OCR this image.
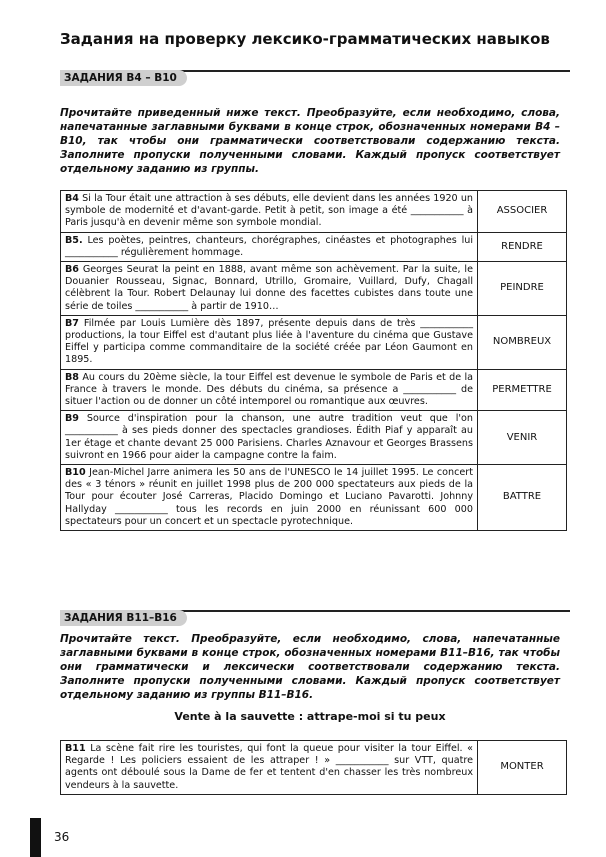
Задания на проверку лексико-грамматических навыков
ЗАДАНИЯ B4 – B10
Прочитайте приведенный ниже текст. Преобразуйте, если необходимо, слова, напечатанные заглавными буквами в конце строк, обозначенных номерами B4 – B10, так чтобы они грамматически соответствовали содержанию текста. Заполните пропуски полученными словами. Каждый пропуск соответствует отдельному заданию из группы.
B4 Si la Tour était une attraction à ses débuts, elle devient dans les années 1920 un symbole de modernité et d'avant-garde. Petit à petit, son image a été ___________ à Paris jusqu'à en devenir même son symbole mondial.	ASSOCIER
B5. Les poètes, peintres, chanteurs, chorégraphes, cinéastes et photographes lui ___________ régulièrement hommage.	RENDRE
B6 Georges Seurat la peint en 1888, avant même son achèvement. Par la suite, le Douanier Rousseau, Signac, Bonnard, Utrillo, Gromaire, Vuillard, Dufy, Chagall célèbrent la Tour. Robert Delaunay lui donne des facettes cubistes dans toute une série de toiles ___________ à partir de 1910…	PEINDRE
B7 Filmée par Louis Lumière dès 1897, présente depuis dans de très ___________ productions, la tour Eiffel est d'autant plus liée à l'aventure du cinéma que Gustave Eiffel y participa comme commanditaire de la société créée par Léon Gaumont en 1895.	NOMBREUX
B8 Au cours du 20ème siècle, la tour Eiffel est devenue le symbole de Paris et de la France à travers le monde. Des débuts du cinéma, sa présence a ___________ de situer l'action ou de donner un côté intemporel ou romantique aux œuvres.	PERMETTRE
B9 Source d'inspiration pour la chanson, une autre tradition veut que l'on ___________ à ses pieds donner des spectacles grandioses. Édith Piaf y apparaît au 1er étage et chante devant 25 000 Parisiens. Charles Aznavour et Georges Brassens suivront en 1966 pour aider la campagne contre la faim.	VENIR
B10 Jean-Michel Jarre animera les 50 ans de l'UNESCO le 14 juillet 1995. Le concert des « 3 ténors » réunit en juillet 1998 plus de 200 000 spectateurs aux pieds de la Tour pour écouter José Carreras, Placido Domingo et Luciano Pavarotti. Johnny Hallyday ___________ tous les records en juin 2000 en réunissant 600 000 spectateurs pour un concert et un spectacle pyrotechnique.	BATTRE
ЗАДАНИЯ B11–B16
Прочитайте текст. Преобразуйте, если необходимо, слова, напечатанные заглавными буквами в конце строк, обозначенных номерами B11–B16, так чтобы они грамматически и лексически соответствовали содержанию текста. Заполните пропуски полученными словами. Каждый пропуск соответствует отдельному заданию из группы B11–B16.
Vente à la sauvette : attrape-moi si tu peux
B11 La scène fait rire les touristes, qui font la queue pour visiter la tour Eiffel. « Regarde ! Les policiers essaient de les attraper ! » ___________ sur VTT, quatre agents ont déboulé sous la Dame de fer et tentent d'en chasser les très nombreux vendeurs à la sauvette.	MONTER
36
